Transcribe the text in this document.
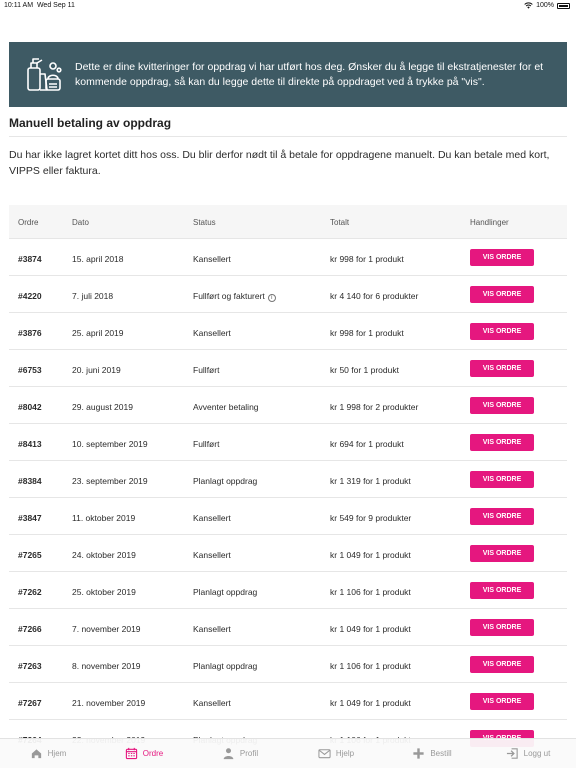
10:11 AM Wed Sep 11	100%
Dette er dine kvitteringer for oppdrag vi har utført hos deg. Ønsker du å legge til ekstratjenester for et kommende oppdrag, så kan du legge dette til direkte på oppdraget ved å trykke på "vis".
Manuell betaling av oppdrag
Du har ikke lagret kortet ditt hos oss. Du blir derfor nødt til å betale for oppdragene manuelt. Du kan betale med kort, VIPPS eller faktura.
Ordre	Dato	Status	Totalt	Handlinger
#3874	15. april 2018	Kansellert	kr 998 for 1 produkt	VIS ORDRE
#4220	7. juli 2018	Fullført og fakturert i	kr 4 140 for 6 produkter	VIS ORDRE
#3876	25. april 2019	Kansellert	kr 998 for 1 produkt	VIS ORDRE
#6753	20. juni 2019	Fullført	kr 50 for 1 produkt	VIS ORDRE
#8042	29. august 2019	Avventer betaling	kr 1 998 for 2 produkter	VIS ORDRE
#8413	10. september 2019	Fullført	kr 694 for 1 produkt	VIS ORDRE
#8384	23. september 2019	Planlagt oppdrag	kr 1 319 for 1 produkt	VIS ORDRE
#3847	11. oktober 2019	Kansellert	kr 549 for 9 produkter	VIS ORDRE
#7265	24. oktober 2019	Kansellert	kr 1 049 for 1 produkt	VIS ORDRE
#7262	25. oktober 2019	Planlagt oppdrag	kr 1 106 for 1 produkt	VIS ORDRE
#7266	7. november 2019	Kansellert	kr 1 049 for 1 produkt	VIS ORDRE
#7263	8. november 2019	Planlagt oppdrag	kr 1 106 for 1 produkt	VIS ORDRE
#7267	21. november 2019	Kansellert	kr 1 049 for 1 produkt	VIS ORDRE
Hjem	Ordre	Profil	Hjelp	Bestill	Logg ut
